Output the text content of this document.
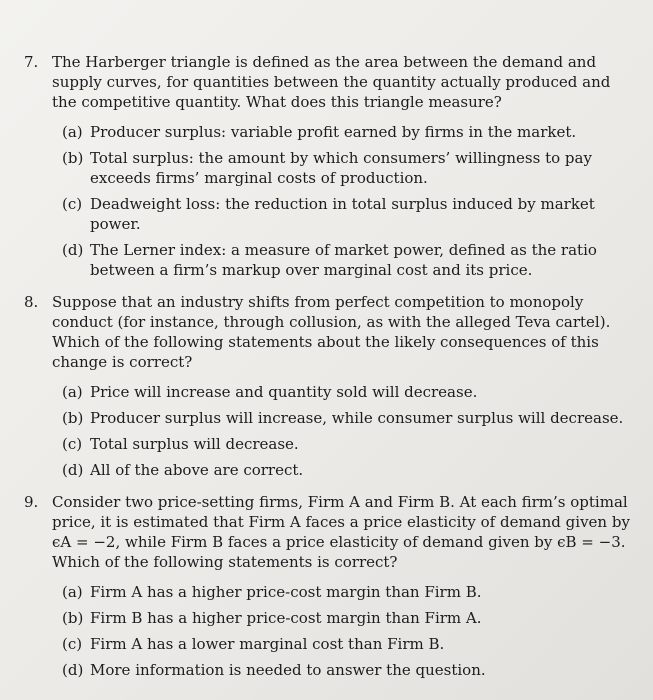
7. The Harberger triangle is defined as the area between the demand and supply curves, for quantities between the quantity actually produced and the competitive quantity. What does this triangle measure?
(a) Producer surplus: variable profit earned by firms in the market.
(b) Total surplus: the amount by which consumers’ willingness to pay exceeds firms’ marginal costs of production.
(c) Deadweight loss: the reduction in total surplus induced by market power.
(d) The Lerner index: a measure of market power, defined as the ratio between a firm’s markup over marginal cost and its price.
8. Suppose that an industry shifts from perfect competition to monopoly conduct (for instance, through collusion, as with the alleged Teva cartel). Which of the following statements about the likely consequences of this change is correct?
(a) Price will increase and quantity sold will decrease.
(b) Producer surplus will increase, while consumer surplus will decrease.
(c) Total surplus will decrease.
(d) All of the above are correct.
9. Consider two price-setting firms, Firm A and Firm B. At each firm’s optimal price, it is estimated that Firm A faces a price elasticity of demand given by ϵA = −2, while Firm B faces a price elasticity of demand given by ϵB = −3. Which of the following statements is correct?
(a) Firm A has a higher price-cost margin than Firm B.
(b) Firm B has a higher price-cost margin than Firm A.
(c) Firm A has a lower marginal cost than Firm B.
(d) More information is needed to answer the question.
